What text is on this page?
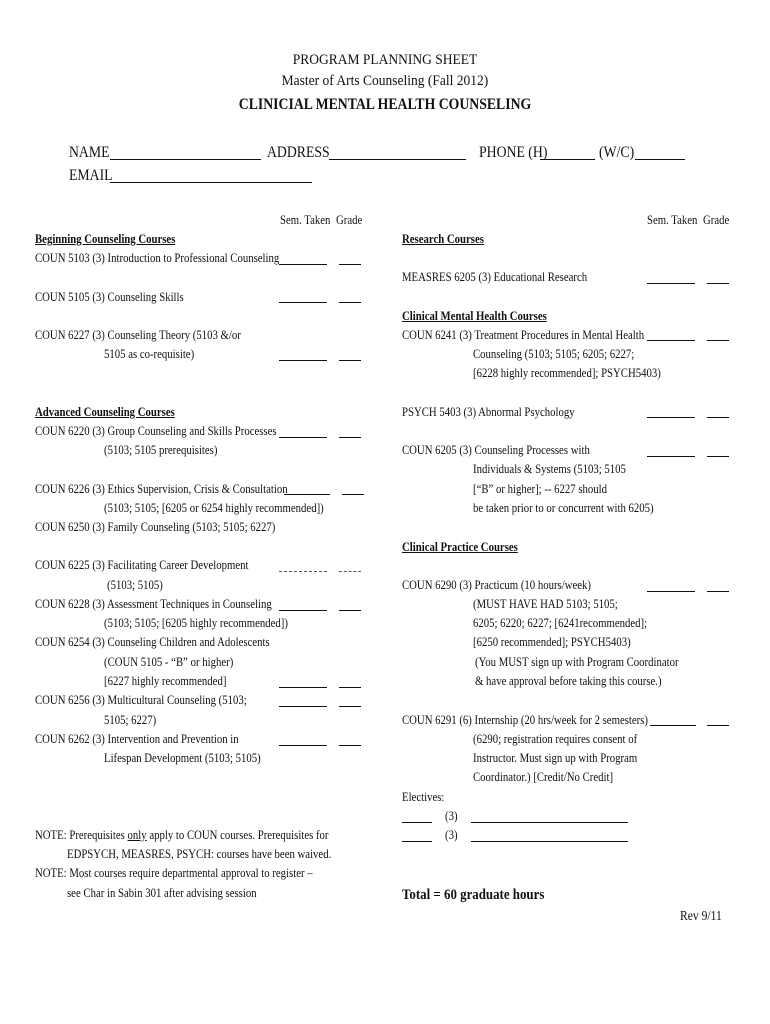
PROGRAM PLANNING SHEET
Master of Arts Counseling (Fall 2012)
CLINICIAL MENTAL HEALTH COUNSELING
NAME	ADDRESS	PHONE (H)	(W/C)
EMAIL
Sem. Taken Grade	Sem. Taken Grade
Beginning Counseling Courses
COUN 5103 (3) Introduction to Professional Counseling
COUN 5105 (3) Counseling Skills
COUN 6227 (3) Counseling Theory (5103 &/or
5105 as co-requisite)
Advanced Counseling Courses
COUN 6220 (3) Group Counseling and Skills Processes
(5103; 5105 prerequisites)
COUN 6226 (3) Ethics Supervision, Crisis & Consultation
(5103; 5105; [6205 or 6254 highly recommended])
COUN 6250 (3) Family Counseling (5103; 5105; 6227)
COUN 6225 (3) Facilitating Career Development
(5103; 5105)
COUN 6228 (3) Assessment Techniques in Counseling
(5103; 5105; [6205 highly recommended])
COUN 6254 (3) Counseling Children and Adolescents
(COUN 5105 - “B” or higher)
[6227 highly recommended]
COUN 6256 (3) Multicultural Counseling (5103;
5105; 6227)
COUN 6262 (3) Intervention and Prevention in
Lifespan Development (5103; 5105)
NOTE: Prerequisites only apply to COUN courses. Prerequisites for
EDPSYCH, MEASRES, PSYCH: courses have been waived.
NOTE: Most courses require departmental approval to register –
see Char in Sabin 301 after advising session
Research Courses
MEASRES 6205 (3) Educational Research
Clinical Mental Health Courses
COUN 6241 (3) Treatment Procedures in Mental Health
Counseling (5103; 5105; 6205; 6227;
[6228 highly recommended]; PSYCH5403)
PSYCH 5403 (3) Abnormal Psychology
COUN 6205 (3) Counseling Processes with
Individuals & Systems (5103; 5105
[“B” or higher]; -- 6227 should
be taken prior to or concurrent with 6205)
Clinical Practice Courses
COUN 6290 (3) Practicum (10 hours/week)
(MUST HAVE HAD 5103; 5105;
6205; 6220; 6227; [6241recommended];
[6250 recommended]; PSYCH5403)
(You MUST sign up with Program Coordinator
& have approval before taking this course.)
COUN 6291 (6) Internship (20 hrs/week for 2 semesters)
(6290; registration requires consent of
Instructor. Must sign up with Program
Coordinator.) [Credit/No Credit]
Electives:
(3)
(3)
Total = 60 graduate hours
Rev 9/11
